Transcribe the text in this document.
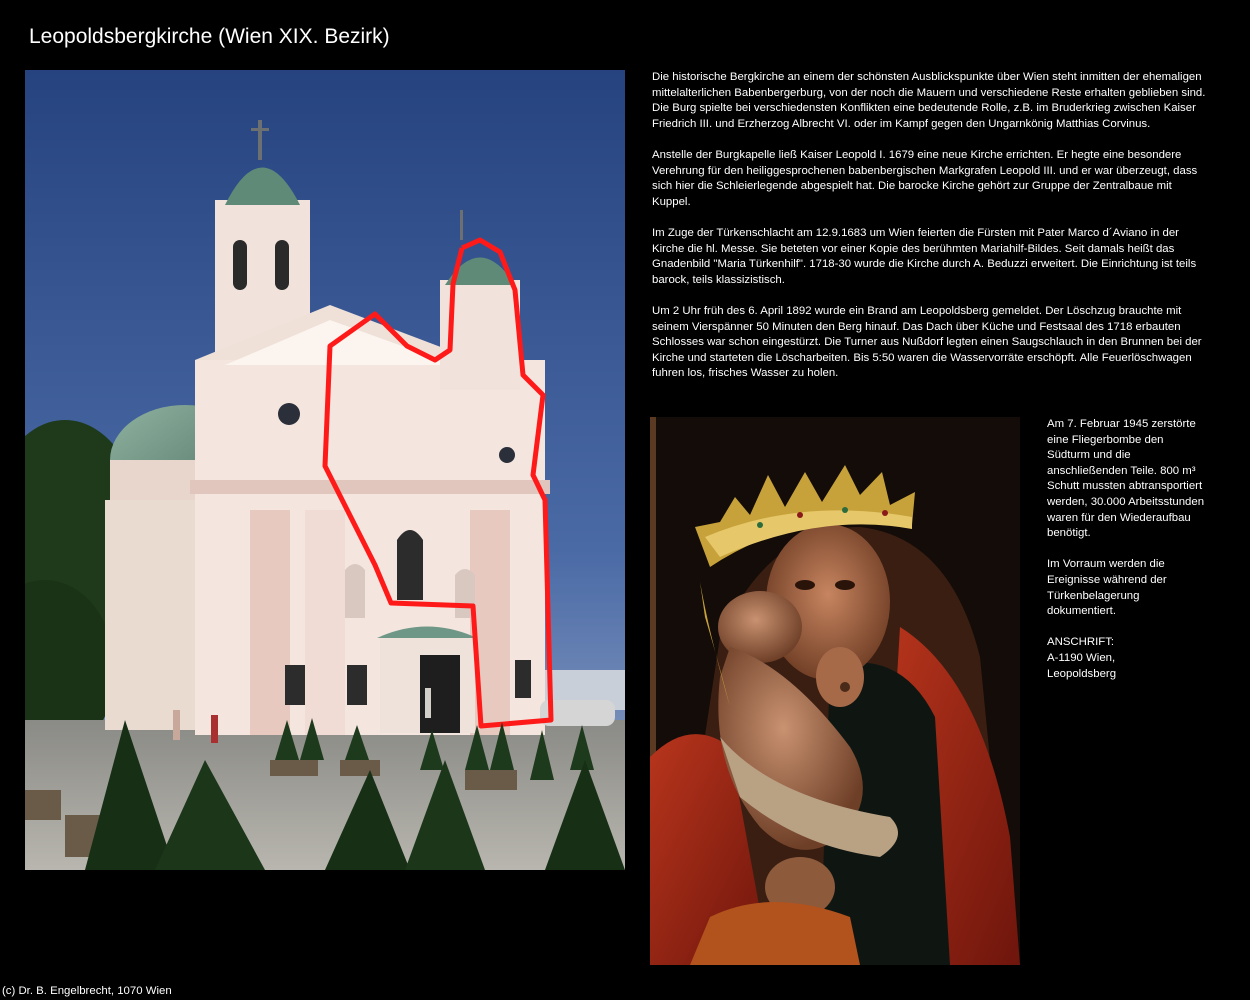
Leopoldsbergkirche (Wien XIX. Bezirk)

Die historische Bergkirche an einem der schönsten Ausblickspunkte über Wien steht inmitten der ehemaligen mittelalterlichen Babenbergerburg, von der noch die Mauern und verschiedene Reste erhalten geblieben sind. Die Burg spielte bei verschiedensten Konflikten eine bedeutende Rolle, z.B. im Bruderkrieg zwischen Kaiser Friedrich III. und Erzherzog Albrecht VI. oder im Kampf gegen den Ungarnkönig Matthias Corvinus.

Anstelle der Burgkapelle ließ Kaiser Leopold I. 1679 eine neue Kirche errichten. Er hegte eine besondere Verehrung für den heiliggesprochenen babenbergischen Markgrafen Leopold III. und er war überzeugt, dass sich hier die Schleierlegende abgespielt hat. Die barocke Kirche gehört zur Gruppe der Zentralbaue mit Kuppel.

Im Zuge der Türkenschlacht am 12.9.1683 um Wien feierten die Fürsten mit Pater Marco d´Aviano in der Kirche die hl. Messe. Sie beteten vor einer Kopie des berühmten Mariahilf-Bildes. Seit damals heißt das Gnadenbild "Maria Türkenhilf". 1718-30 wurde die Kirche durch A. Beduzzi erweitert. Die Einrichtung ist teils barock, teils klassizistisch.

Um 2 Uhr früh des 6. April 1892 wurde ein Brand am Leopoldsberg gemeldet. Der Löschzug brauchte mit seinem Vierspänner 50 Minuten den Berg hinauf. Das Dach über Küche und Festsaal des 1718 erbauten Schlosses war schon eingestürzt. Die Turner aus Nußdorf legten einen Saugschlauch in den Brunnen bei der Kirche und starteten die Löscharbeiten. Bis 5:50 waren die Wasservorräte erschöpft. Alle Feuerlöschwagen fuhren los, frisches Wasser zu holen.

Am 7. Februar 1945 zerstörte eine Fliegerbombe den Südturm und die anschließenden Teile. 800 m³ Schutt mussten abtransportiert werden, 30.000 Arbeitsstunden waren für den Wiederaufbau benötigt.

Im Vorraum werden die Ereignisse während der Türkenbelagerung dokumentiert.

ANSCHRIFT:
A-1190 Wien,
Leopoldsberg

(c) Dr. B. Engelbrecht, 1070 Wien
